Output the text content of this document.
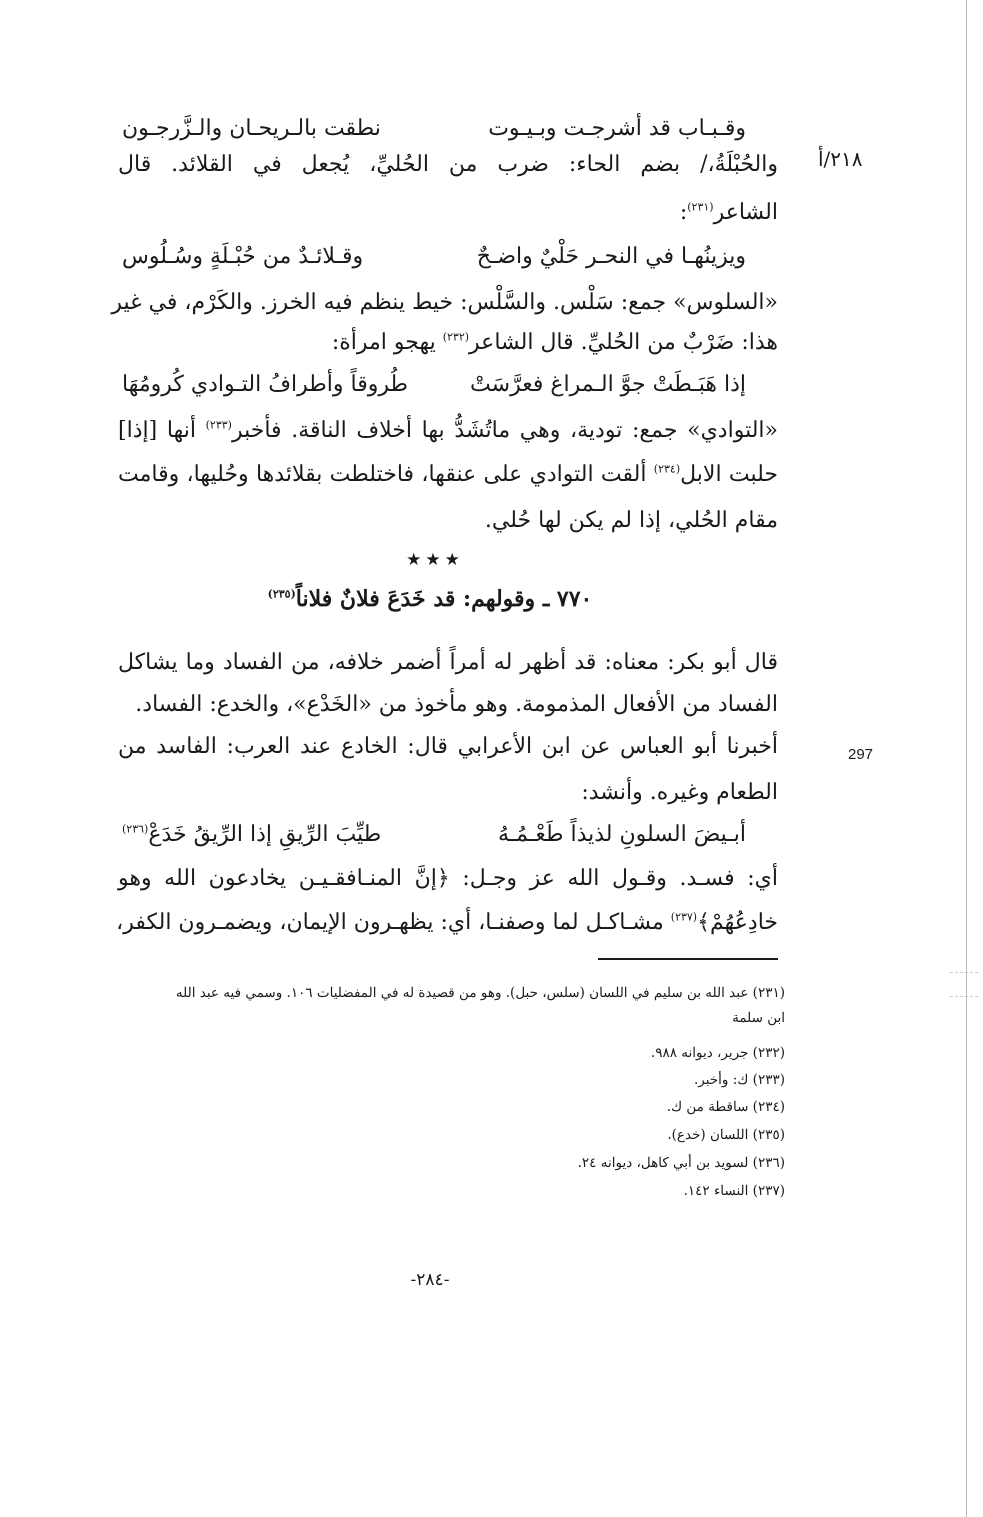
٢١٨/أ
297
وقـبـاب قد أشرجـت وبـيـوت
نطقت بالـريحـان والـزَّرجـون
والحُبْلَةُ،/ بضم الحاء: ضرب من الحُليِّ، يُجعل في القلائد. قال
الشاعر$^{(٢٣١)}$:
ويزينُهـا في النحـر حَلْيٌ واضـحٌ
وقـلائـدٌ من حُبْـلَةٍ وسُـلُوس
«السلوس» جمع: سَلْس. والسَّلْس: خيط ينظم فيه الخرز. والكَرْم، في غير
هذا: ضَرْبٌ من الحُليِّ. قال الشاعر$^{(٢٣٢)}$ يهجو امرأة:
إذا هَبَـطَتْ جوَّ الـمراغ فعرَّسَتْ
طُروقاً وأطرافُ التـوادي كُرومُهَا
«التوادي» جمع: تودية، وهي ماتُشَدُّ بها أخلاف الناقة. فأخبر$^{(٢٣٣)}$ أنها [إذا]
حلبت الابل$^{(٢٣٤)}$ ألقت التوادي على عنقها، فاختلطت بقلائدها وحُليها، وقامت
مقام الحُلي، إذا لم يكن لها حُلي.
★★★
٧٧٠ ـ وقولهم: قد خَدَعَ فلانٌ فلاناً$^{(٢٣٥)}$
قال أبو بكر: معناه: قد أظهر له أمراً أضمر خلافه، من الفساد وما يشاكل
الفساد من الأفعال المذمومة. وهو مأخوذ من «الخَدْع»، والخدع: الفساد.
أخبرنا أبو العباس عن ابن الأعرابي قال: الخادع عند العرب: الفاسد من
الطعام وغيره. وأنشد:
أبـيضَ السلونِ لذيذاً طَعْـمُـهُ
طيِّبَ الرِّيقِ إذا الرِّيقُ خَدَعْ$^{(٢٣٦)}$
أي: فسـد. وقـول الله عز وجـل: ﴿إنَّ المنـافقـيـن يخادعون الله وهو
خادِعُهُمْ﴾$^{(٢٣٧)}$ مشـاكـل لما وصفنـا، أي: يظهـرون الإيمان، ويضمـرون الكفر،
(٢٣١) عبد الله بن سليم في اللسان (سلس، حبل). وهو من قصيدة له في المفضليات ١٠٦. وسمي فيه عبد الله
ابن سلمة
(٢٣٢) جرير، ديوانه ٩٨٨.
(٢٣٣) ك: وأخبر.
(٢٣٤) ساقطة من ك.
(٢٣٥) اللسان (خدع).
(٢٣٦) لسويد بن أبي كاهل، ديوانه ٢٤.
(٢٣٧) النساء ١٤٢.
-٢٨٤-
